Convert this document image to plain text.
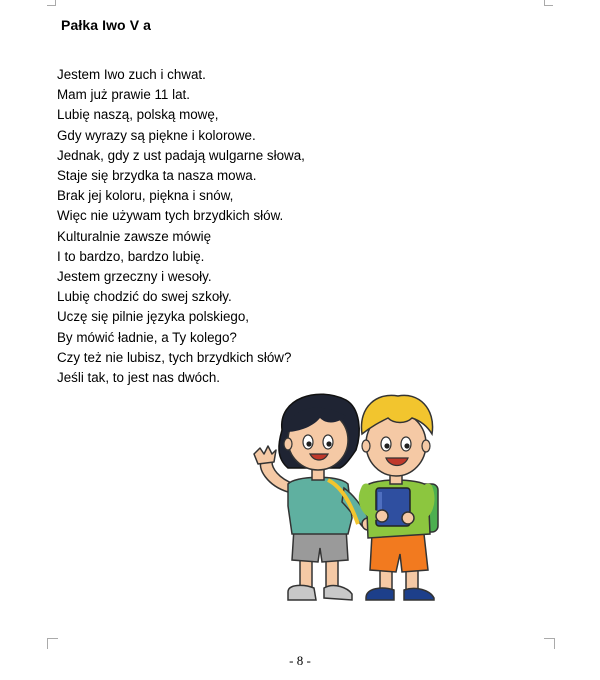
Pałka Iwo V a
Jestem Iwo zuch i chwat.
Mam już prawie 11 lat.
Lubię naszą, polską mowę,
Gdy wyrazy są piękne i kolorowe.
Jednak, gdy z ust padają wulgarne słowa,
Staje się brzydka ta nasza mowa.
Brak jej koloru, piękna i snów,
Więc nie używam tych brzydkich słów.
Kulturalnie zawsze mówię
I to bardzo, bardzo lubię.
Jestem grzeczny i wesoły.
Lubię chodzić do swej szkoły.
Uczę się pilnie języka polskiego,
By mówić ładnie, a Ty kolego?
Czy też nie lubisz, tych brzydkich słów?
Jeśli tak, to jest nas dwóch.
- 8 -
